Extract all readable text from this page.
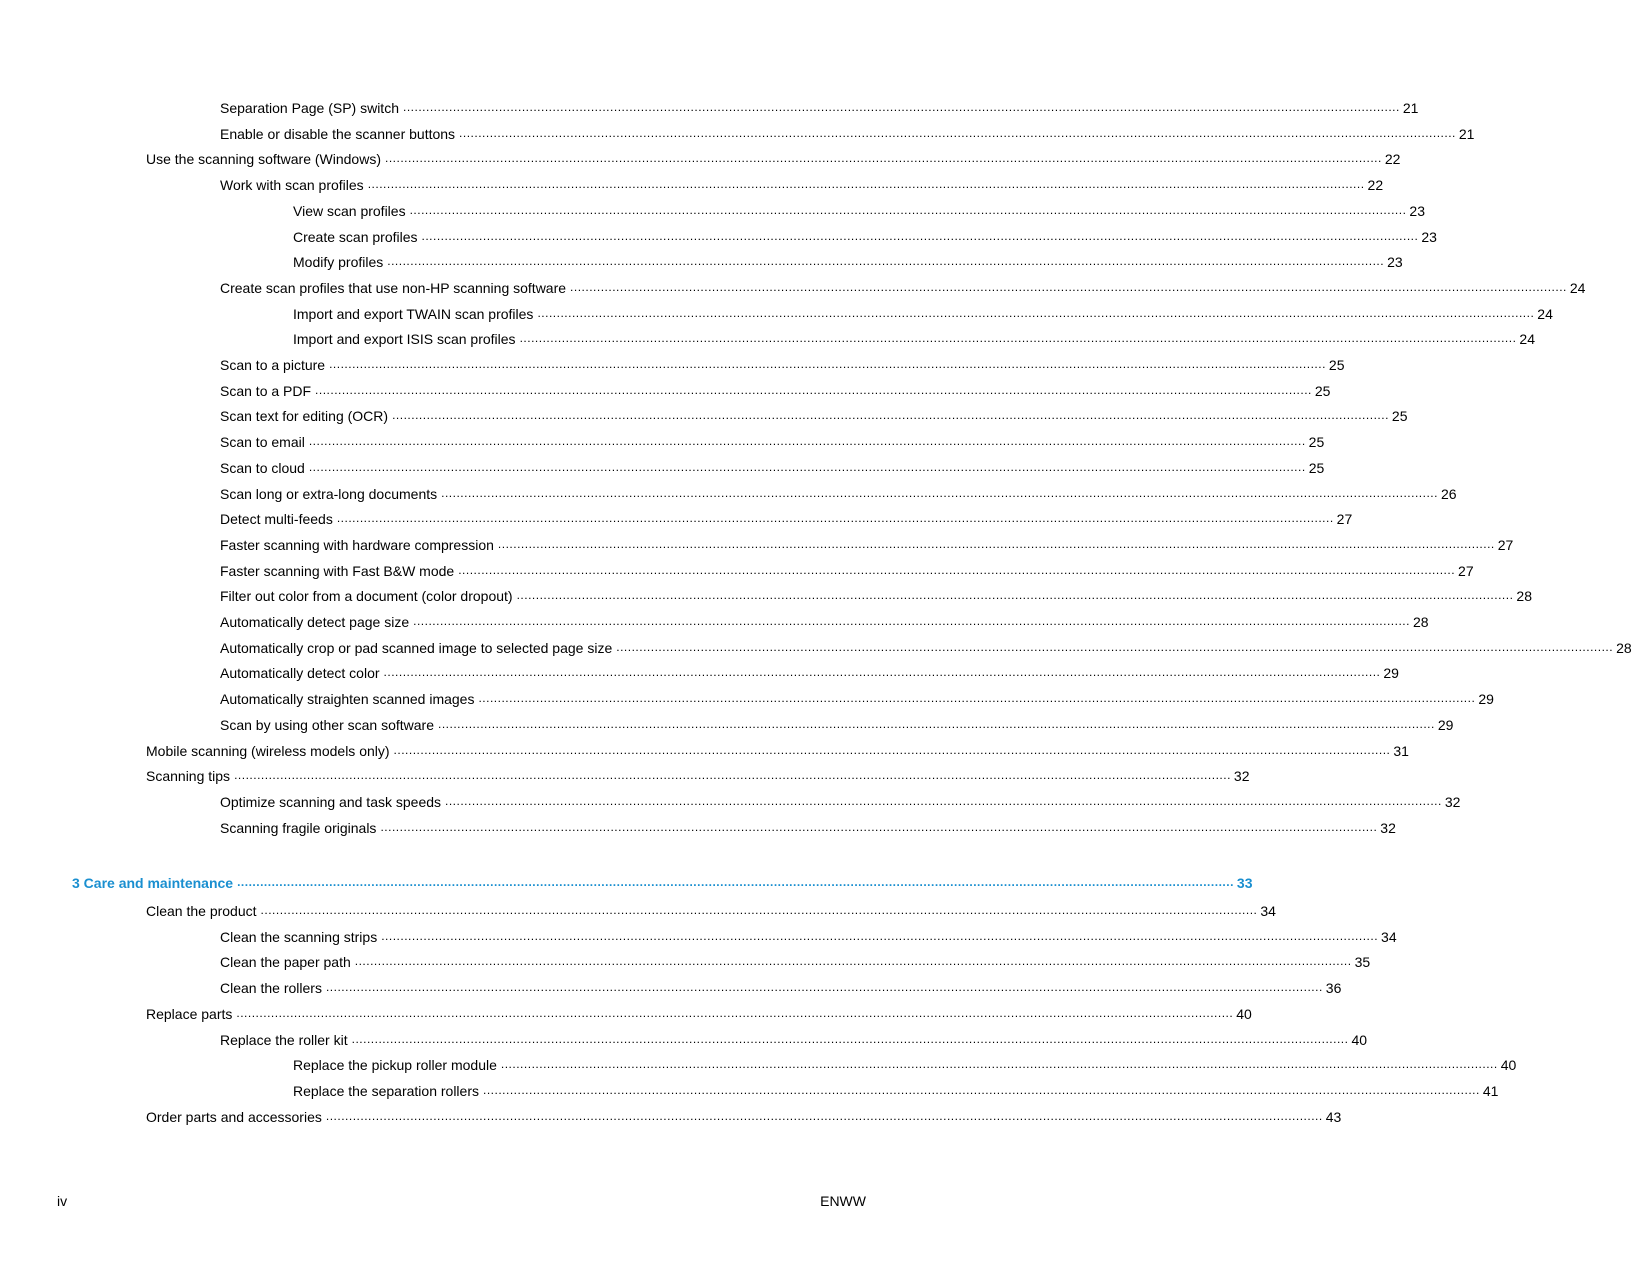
Separation Page (SP) switch .................................................................................................................................................................................................................................................................... 21
Enable or disable the scanner buttons .................................................................................................................................................................................................................................................................... 21
Use the scanning software (Windows) .................................................................................................................................................................................................................................................................... 22
Work with scan profiles .................................................................................................................................................................................................................................................................... 22
View scan profiles .................................................................................................................................................................................................................................................................... 23
Create scan profiles .................................................................................................................................................................................................................................................................... 23
Modify profiles .................................................................................................................................................................................................................................................................... 23
Create scan profiles that use non-HP scanning software .................................................................................................................................................................................................................................................................... 24
Import and export TWAIN scan profiles .................................................................................................................................................................................................................................................................... 24
Import and export ISIS scan profiles .................................................................................................................................................................................................................................................................... 24
Scan to a picture .................................................................................................................................................................................................................................................................... 25
Scan to a PDF .................................................................................................................................................................................................................................................................... 25
Scan text for editing (OCR) .................................................................................................................................................................................................................................................................... 25
Scan to email .................................................................................................................................................................................................................................................................... 25
Scan to cloud .................................................................................................................................................................................................................................................................... 25
Scan long or extra-long documents .................................................................................................................................................................................................................................................................... 26
Detect multi-feeds .................................................................................................................................................................................................................................................................... 27
Faster scanning with hardware compression .................................................................................................................................................................................................................................................................... 27
Faster scanning with Fast B&W mode .................................................................................................................................................................................................................................................................... 27
Filter out color from a document (color dropout) .................................................................................................................................................................................................................................................................... 28
Automatically detect page size .................................................................................................................................................................................................................................................................... 28
Automatically crop or pad scanned image to selected page size .................................................................................................................................................................................................................................................................... 28
Automatically detect color .................................................................................................................................................................................................................................................................... 29
Automatically straighten scanned images .................................................................................................................................................................................................................................................................... 29
Scan by using other scan software .................................................................................................................................................................................................................................................................... 29
Mobile scanning (wireless models only) .................................................................................................................................................................................................................................................................... 31
Scanning tips .................................................................................................................................................................................................................................................................... 32
Optimize scanning and task speeds .................................................................................................................................................................................................................................................................... 32
Scanning fragile originals .................................................................................................................................................................................................................................................................... 32
3 Care and maintenance .................................................................................................................................................................................................................................................................... 33
Clean the product .................................................................................................................................................................................................................................................................... 34
Clean the scanning strips .................................................................................................................................................................................................................................................................... 34
Clean the paper path .................................................................................................................................................................................................................................................................... 35
Clean the rollers .................................................................................................................................................................................................................................................................... 36
Replace parts .................................................................................................................................................................................................................................................................... 40
Replace the roller kit .................................................................................................................................................................................................................................................................... 40
Replace the pickup roller module .................................................................................................................................................................................................................................................................... 40
Replace the separation rollers .................................................................................................................................................................................................................................................................... 41
Order parts and accessories .................................................................................................................................................................................................................................................................... 43
iv	ENWW
